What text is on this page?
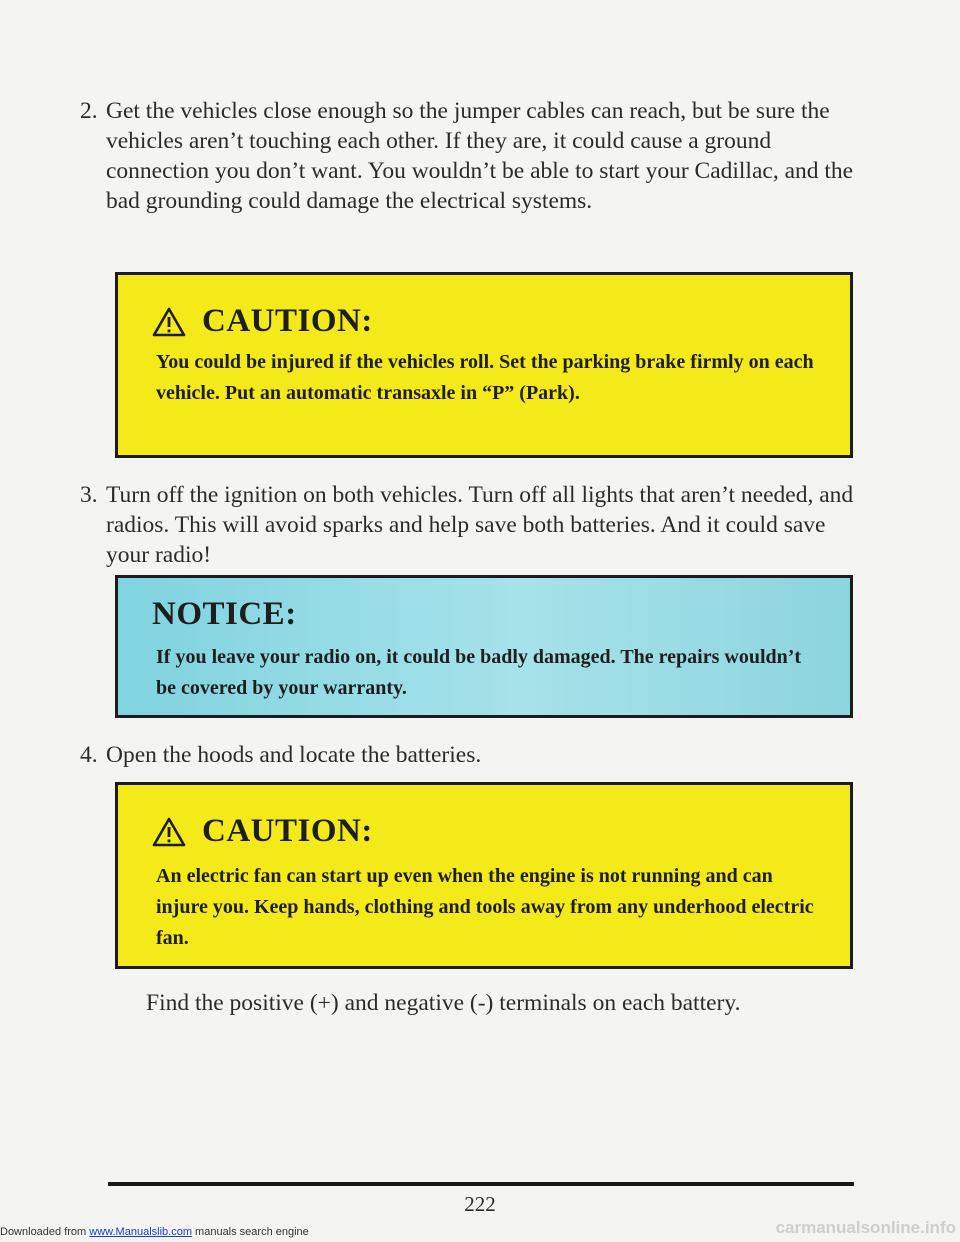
2. Get the vehicles close enough so the jumper cables can reach, but be sure the vehicles aren’t touching each other. If they are, it could cause a ground connection you don’t want. You wouldn’t be able to start your Cadillac, and the bad grounding could damage the electrical systems.
CAUTION:
You could be injured if the vehicles roll. Set the parking brake firmly on each vehicle. Put an automatic transaxle in “P” (Park).
3. Turn off the ignition on both vehicles. Turn off all lights that aren’t needed, and radios. This will avoid sparks and help save both batteries. And it could save your radio!
NOTICE:
If you leave your radio on, it could be badly damaged. The repairs wouldn’t be covered by your warranty.
4. Open the hoods and locate the batteries.
CAUTION:
An electric fan can start up even when the engine is not running and can injure you. Keep hands, clothing and tools away from any underhood electric fan.
Find the positive (+) and negative (-) terminals on each battery.
222
Downloaded from www.Manualslib.com manuals search engine	carmanualsonline.info
